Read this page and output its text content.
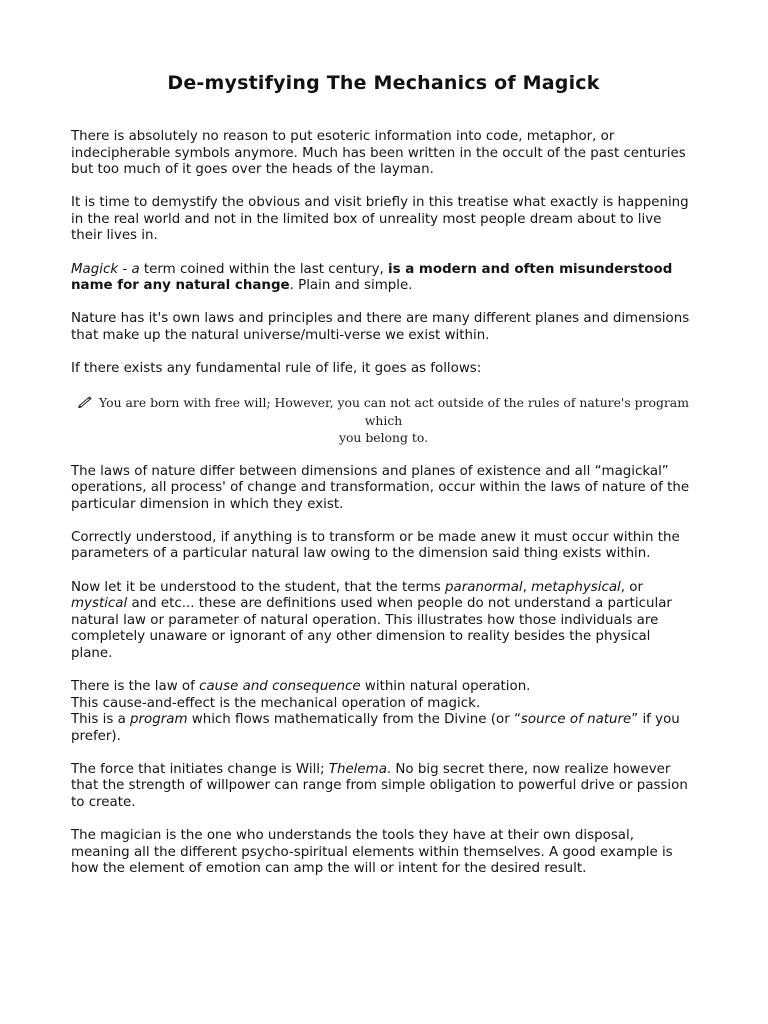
De-mystifying The Mechanics of Magick

There is absolutely no reason to put esoteric information into code, metaphor, or indecipherable symbols anymore. Much has been written in the occult of the past centuries but too much of it goes over the heads of the layman.

It is time to demystify the obvious and visit briefly in this treatise what exactly is happening in the real world and not in the limited box of unreality most people dream about to live their lives in.

Magick - a term coined within the last century, is a modern and often misunderstood name for any natural change. Plain and simple.

Nature has it's own laws and principles and there are many different planes and dimensions that make up the natural universe/multi-verse we exist within.

If there exists any fundamental rule of life, it goes as follows:

You are born with free will; However, you can not act outside of the rules of nature's program which
you belong to.

The laws of nature differ between dimensions and planes of existence and all “magickal” operations, all process' of change and transformation, occur within the laws of nature of the particular dimension in which they exist.

Correctly understood, if anything is to transform or be made anew it must occur within the parameters of a particular natural law owing to the dimension said thing exists within.

Now let it be understood to the student, that the terms paranormal, metaphysical, or mystical and etc... these are definitions used when people do not understand a particular natural law or parameter of natural operation. This illustrates how those individuals are completely unaware or ignorant of any other dimension to reality besides the physical plane.

There is the law of cause and consequence within natural operation.

This cause-and-effect is the mechanical operation of magick.

This is a program which flows mathematically from the Divine (or “source of nature” if you prefer).

The force that initiates change is Will; Thelema. No big secret there, now realize however that the strength of willpower can range from simple obligation to powerful drive or passion to create.

The magician is the one who understands the tools they have at their own disposal, meaning all the different psycho-spiritual elements within themselves. A good example is how the element of emotion can amp the will or intent for the desired result.
